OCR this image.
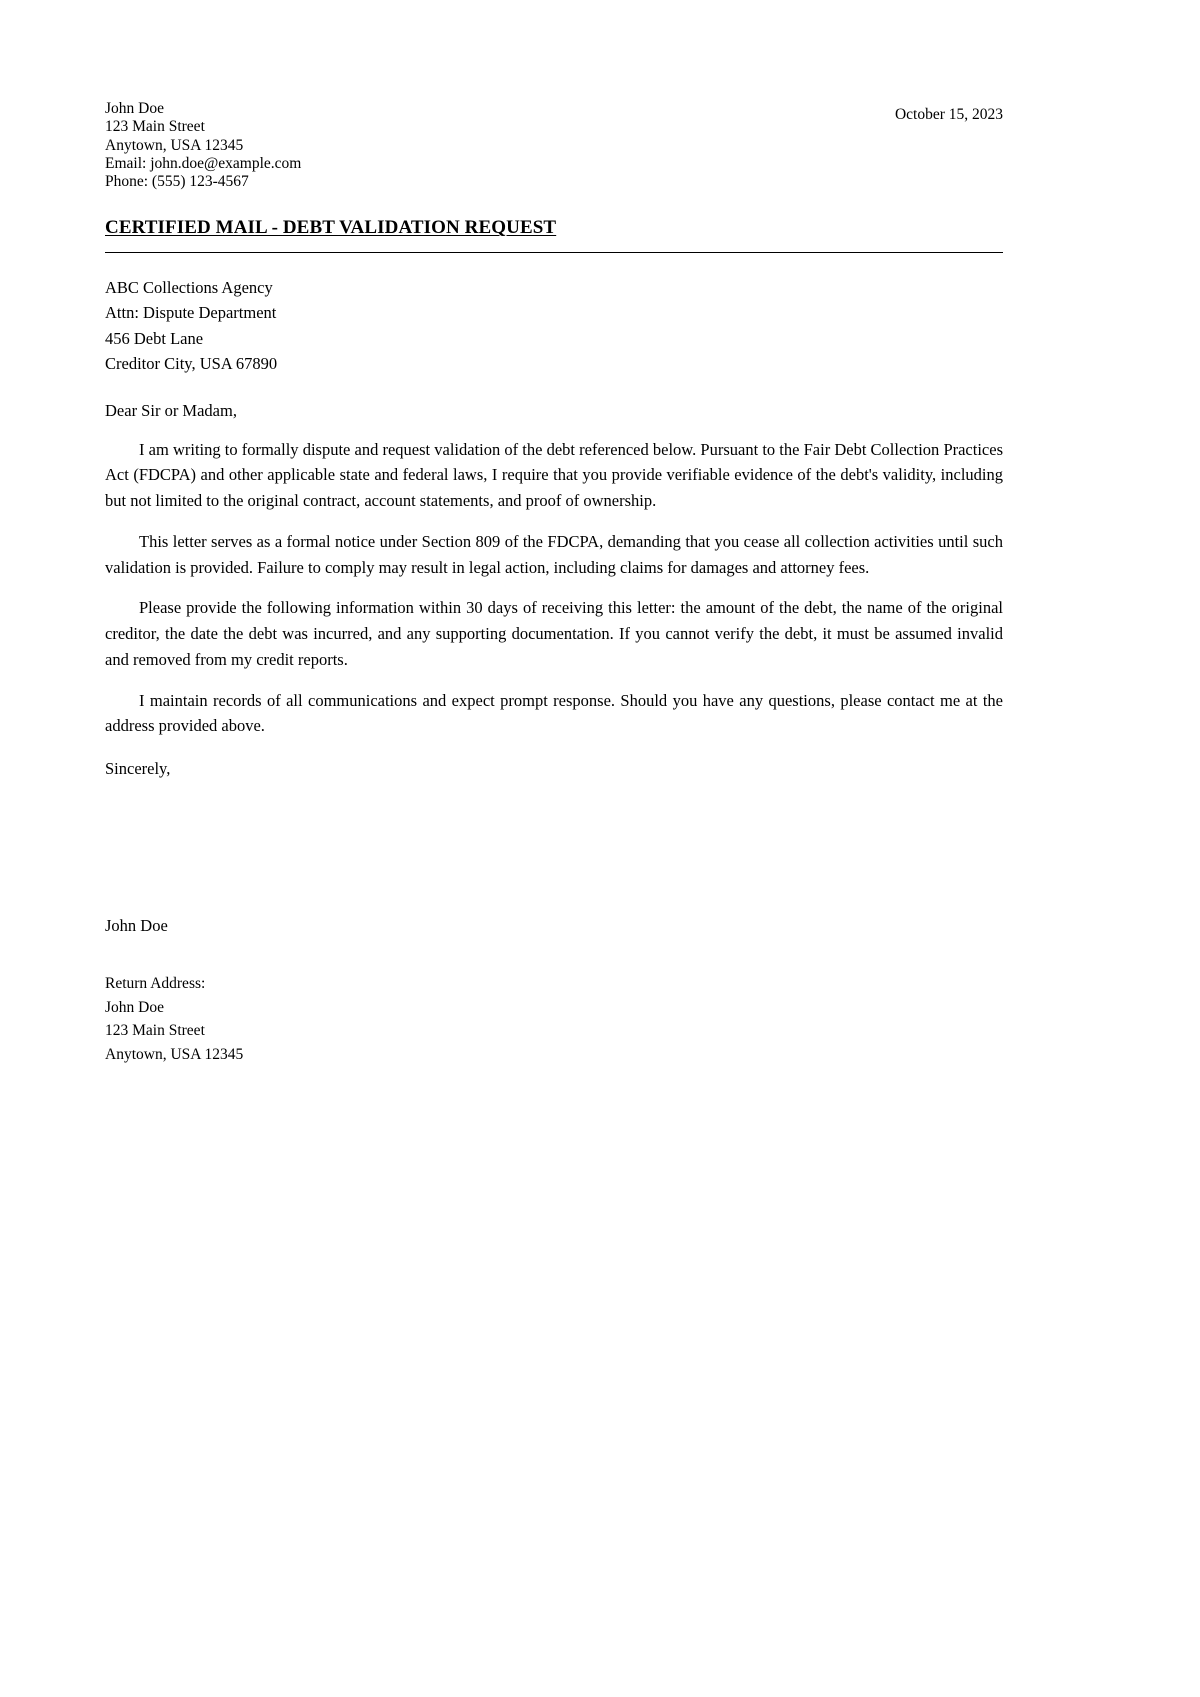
John Doe
123 Main Street
Anytown, USA 12345
Email: john.doe@example.com
Phone: (555) 123-4567
October 15, 2023
CERTIFIED MAIL - DEBT VALIDATION REQUEST
ABC Collections Agency
Attn: Dispute Department
456 Debt Lane
Creditor City, USA 67890
Dear Sir or Madam,

I am writing to formally dispute and request validation of the debt referenced below. Pursuant to the Fair Debt Collection Practices Act (FDCPA) and other applicable state and federal laws, I require that you provide verifiable evidence of the debt's validity, including but not limited to the original contract, account statements, and proof of ownership.

This letter serves as a formal notice under Section 809 of the FDCPA, demanding that you cease all collection activities until such validation is provided. Failure to comply may result in legal action, including claims for damages and attorney fees.

Please provide the following information within 30 days of receiving this letter: the amount of the debt, the name of the original creditor, the date the debt was incurred, and any supporting documentation. If you cannot verify the debt, it must be assumed invalid and removed from my credit reports.

I maintain records of all communications and expect prompt response. Should you have any questions, please contact me at the address provided above.

Sincerely,
John Doe
Return Address:
John Doe
123 Main Street
Anytown, USA 12345
